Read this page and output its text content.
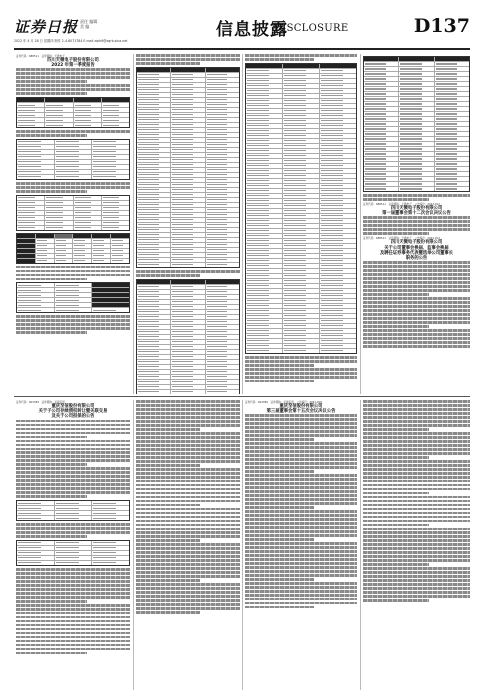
证券日报 责任 编辑
美 编
2022 年 4 月 28 日 星期四 制作 2-4-6071784 E-mail zqrb9@zqrb.sina.net
信息披露
DISCLOSURE	D137
证券代码：688511　证券简称：天微电子
四川天微电子股份有限公司
2022 年第一季度报告
证券代码：688511　证券简称：天微电子　公告编号：2022-012
四川天微电子股份有限公司
第一届董事会第十二次会议决议公告
证券代码：688511　证券简称：天微电子　公告编号：2022-013
四川天微电子股份有限公司
关于公司董事会换届、监事会换届
及聘任证券事务代表暨选举公司董事长
职务的公告
证券代码：603389　证券简称：亚振家居
重庆至信股份有限公司
关于子公司存续债权转让暨关联交易
及关于公司担保的公告
证券代码：603389　证券简称：亚振家居　公告编号：2022-018
重庆至信股份有限公司
第三届董事会第十五次会议决议公告
